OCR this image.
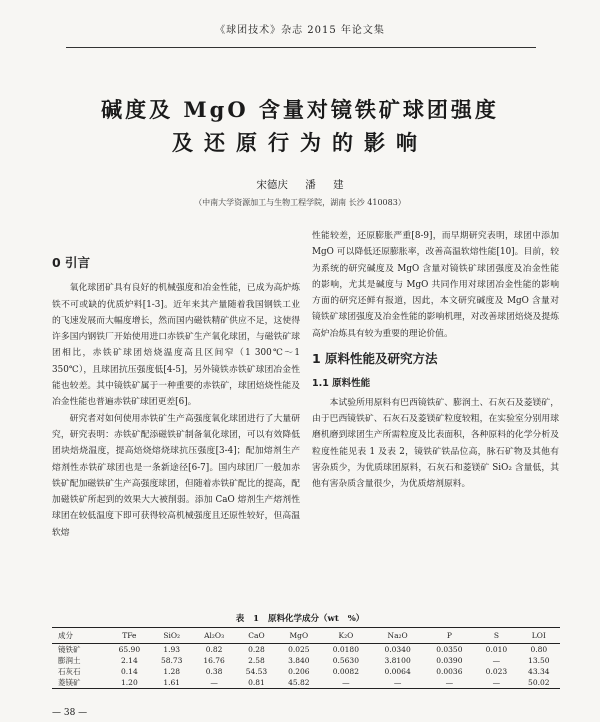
《球团技术》杂志 2015 年论文集
碱度及 MgO 含量对镜铁矿球团强度
及还原行为的影响
宋德庆 潘 建
（中南大学资源加工与生物工程学院，湖南 长沙 410083）
0 引言

氧化球团矿具有良好的机械强度和冶金性能，已成为高炉炼铁不可或缺的优质炉料[1-3]。近年来其产量随着我国钢铁工业的飞速发展而大幅度增长，然而国内磁铁精矿供应不足，这使得许多国内钢铁厂开始使用进口赤铁矿生产氧化球团，与磁铁矿球团相比，赤铁矿球团焙烧温度高且区间窄（1 300℃～1 350℃），且球团抗压强度低[4-5]，另外镜铁赤铁矿球团冶金性能也较差。其中镜铁矿属于一种重要的赤铁矿，球团焙烧性能及冶金性能也普遍赤铁矿球团更差[6]。

研究者对如何使用赤铁矿生产高强度氧化球团进行了大量研究，研究表明：赤铁矿配添磁铁矿制备氧化球团，可以有效降低团块焙烧温度，提高焙烧熔烧球抗压强度[3-4]；配加熔剂生产熔剂性赤铁矿球团也是一条新途径[6-7]。国内球团厂一般加赤铁矿配加磁铁矿生产高强度球团，但随着赤铁矿配比的提高，配加磁铁矿所起到的效果大大被削弱。添加 CaO 熔剂生产熔剂性球团在较低温度下即可获得较高机械强度且还原性较好，但高温软熔

性能较差，还原膨胀严重[8-9]，而早期研究表明，球团中添加 MgO 可以降低还原膨胀率，改善高温软熔性能[10]。目前，较为系统的研究碱度及 MgO 含量对镜铁矿球团强度及冶金性能的影响，尤其是碱度与 MgO 共同作用对球团冶金性能的影响方面的研究还鲜有报道，因此，本文研究碱度及 MgO 含量对镜铁矿球团强度及冶金性能的影响机理，对改善球团焙烧及提炼高炉冶炼具有较为重要的理论价值。

1 原料性能及研究方法
1.1 原料性能

本试验所用原料有巴西镜铁矿、膨润土、石灰石及菱镁矿，由于巴西镜铁矿、石灰石及菱镁矿粒度较粗，在实验室分别用球磨机磨到球团生产所需粒度及比表面积，各种原料的化学分析及粒度性能见表 1 及表 2，镜铁矿铁品位高，脉石矿物及其他有害杂质少，为优质球团原料，石灰石和菱镁矿 SiO₂ 含量低，其他有害杂质含量很少，为优质熔剂原料。

表 1 原料化学成分（wt %）
成分	TFe	SiO₂	Al₂O₃	CaO	MgO	K₂O	Na₂O	P	S	LOI
镜铁矿	65.90	1.93	0.82	0.28	0.025	0.0180	0.0340	0.0350	0.010	0.80
膨润土	2.14	58.73	16.76	2.58	3.840	0.5630	3.8100	0.0390	—	13.50
石灰石	0.14	1.28	0.38	54.53	0.206	0.0082	0.0064	0.0036	0.023	43.34
菱镁矿	1.20	1.61	—	0.81	45.82	—	—	—	—	50.02
— 38 —
